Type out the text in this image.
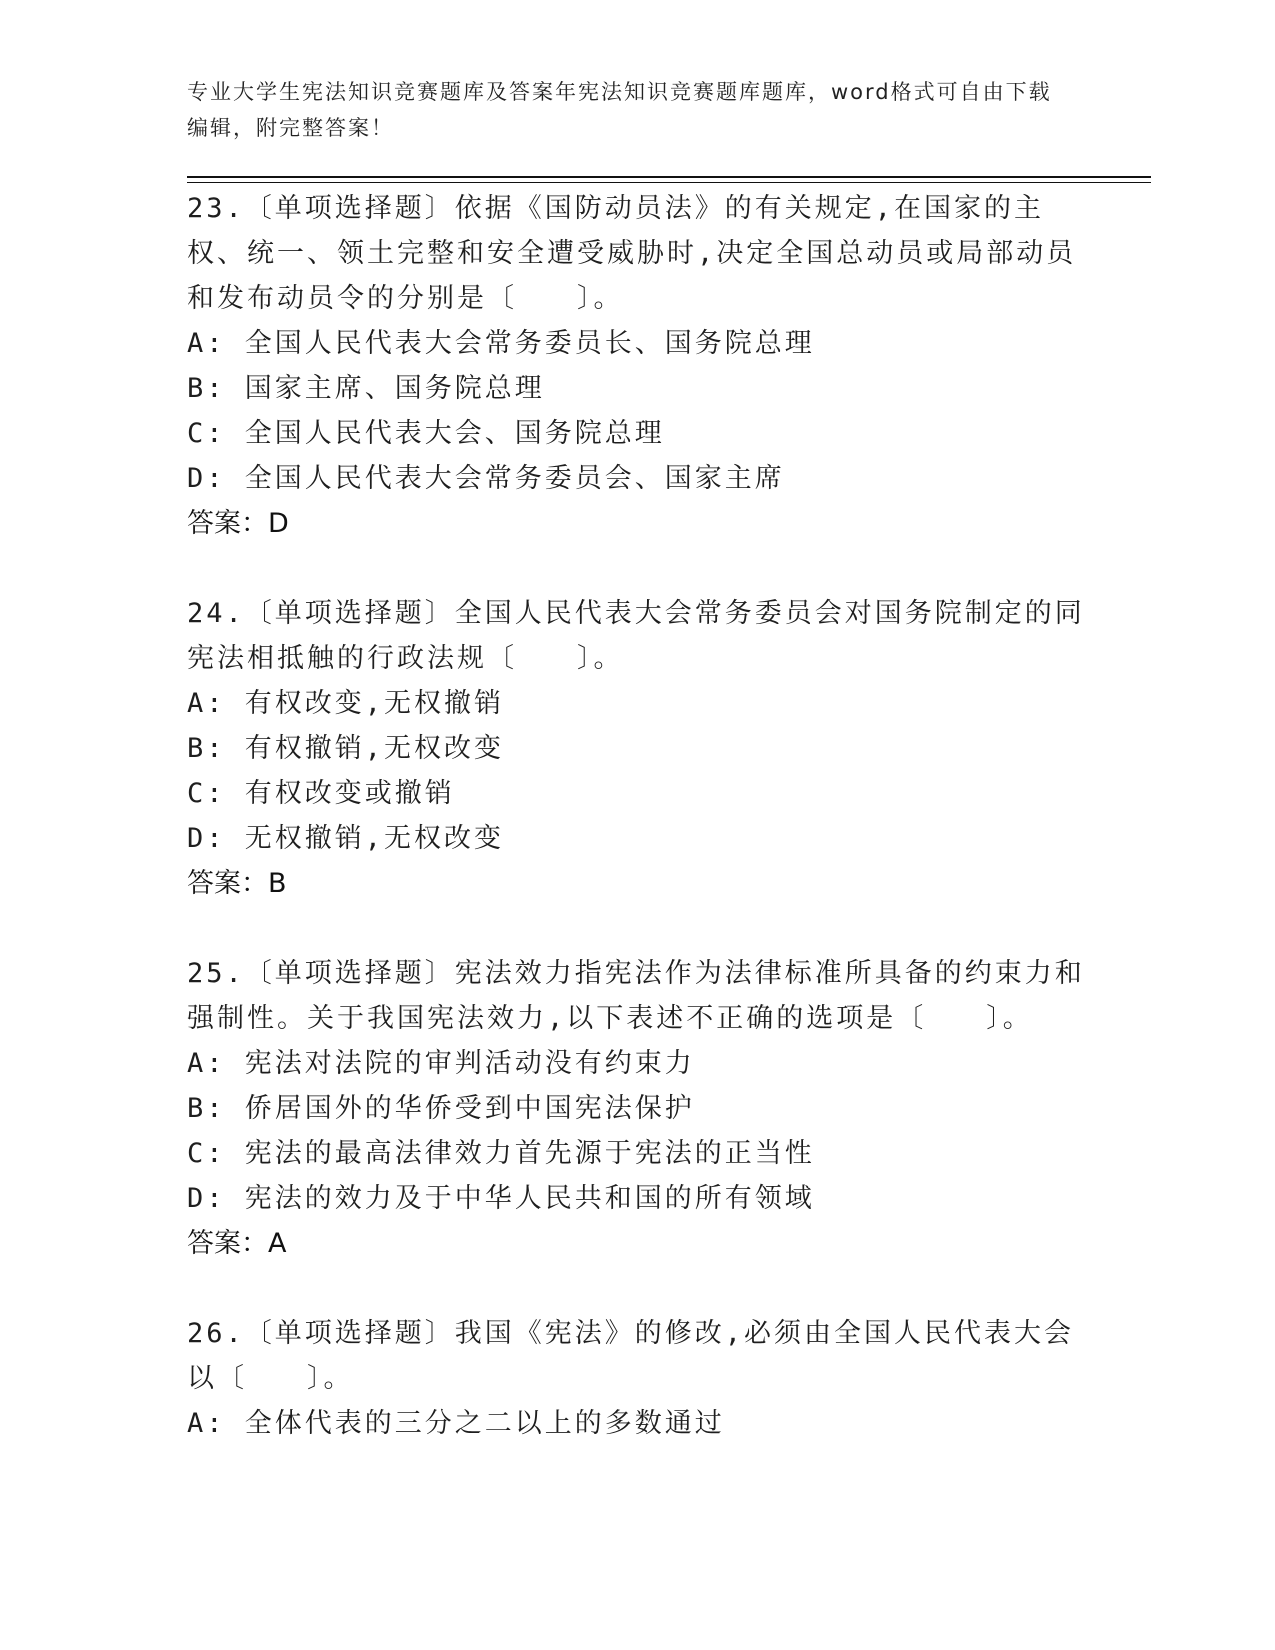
专业大学生宪法知识竞赛题库及答案年宪法知识竞赛题库题库，word格式可自由下载编辑，附完整答案！

23.〔单项选择题〕依据《国防动员法》的有关规定,在国家的主权、统一、领土完整和安全遭受威胁时,决定全国总动员或局部动员和发布动员令的分别是〔　　〕。

A: 全国人民代表大会常务委员长、国务院总理

B: 国家主席、国务院总理

C: 全国人民代表大会、国务院总理

D: 全国人民代表大会常务委员会、国家主席

答案：D

24.〔单项选择题〕全国人民代表大会常务委员会对国务院制定的同宪法相抵触的行政法规〔　　〕。

A: 有权改变,无权撤销

B: 有权撤销,无权改变

C: 有权改变或撤销

D: 无权撤销,无权改变

答案：B

25.〔单项选择题〕宪法效力指宪法作为法律标准所具备的约束力和强制性。关于我国宪法效力,以下表述不正确的选项是〔　　〕。

A: 宪法对法院的审判活动没有约束力

B: 侨居国外的华侨受到中国宪法保护

C: 宪法的最高法律效力首先源于宪法的正当性

D: 宪法的效力及于中华人民共和国的所有领域

答案：A

26.〔单项选择题〕我国《宪法》的修改,必须由全国人民代表大会以〔　　〕。

A: 全体代表的三分之二以上的多数通过
